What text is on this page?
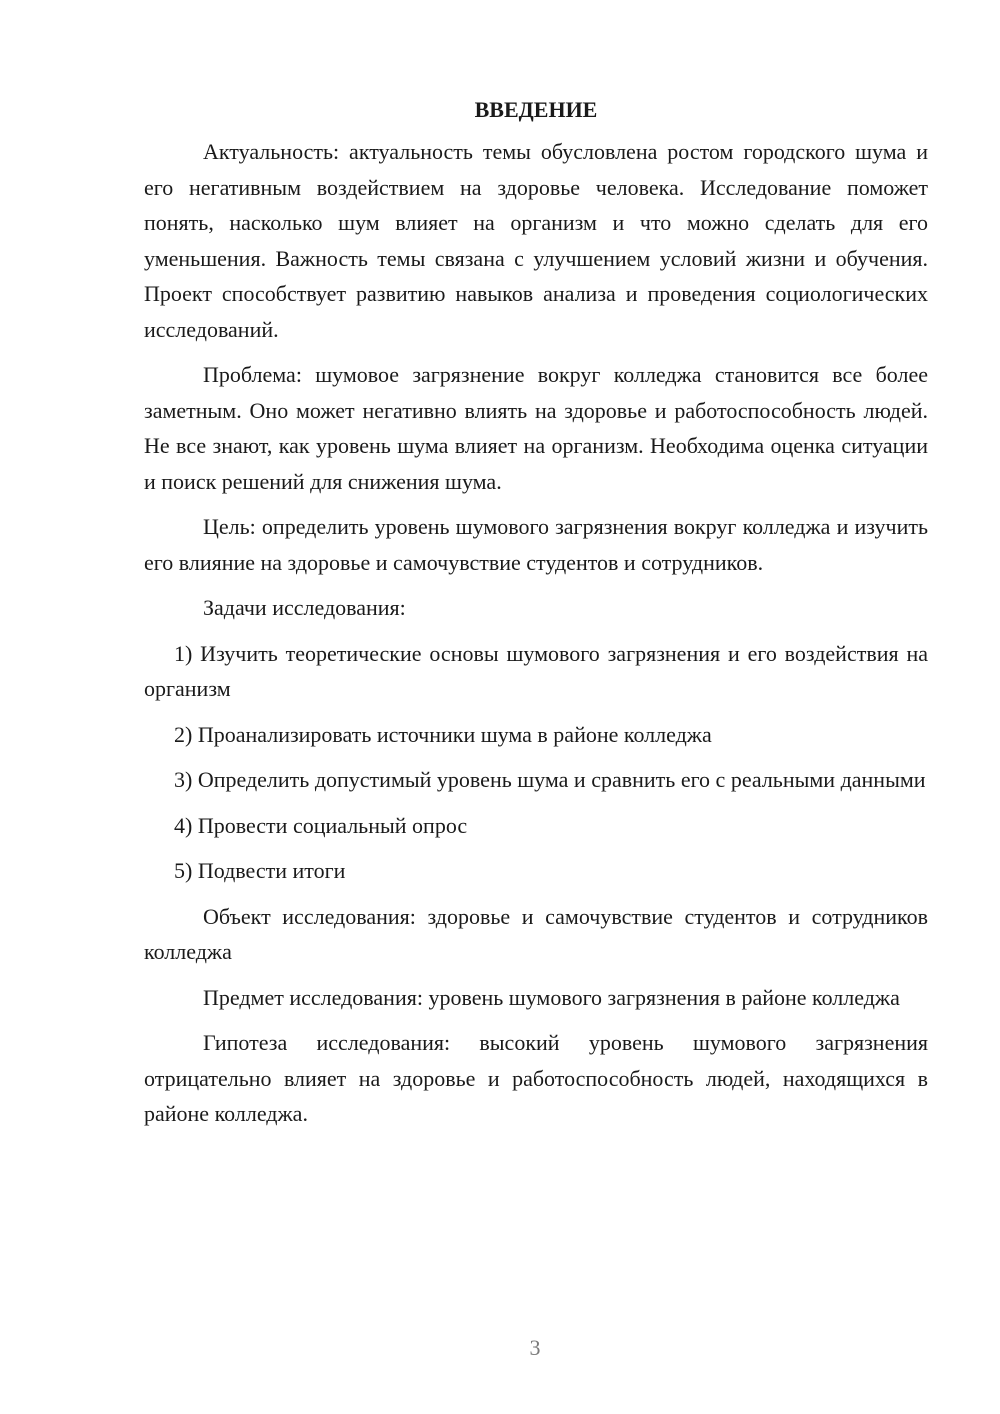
ВВЕДЕНИЕ

Актуальность: актуальность темы обусловлена ростом городского шума и его негативным воздействием на здоровье человека. Исследование поможет понять, насколько шум влияет на организм и что можно сделать для его уменьшения. Важность темы связана с улучшением условий жизни и обучения. Проект способствует развитию навыков анализа и проведения социологических исследований.

Проблема: шумовое загрязнение вокруг колледжа становится все более заметным. Оно может негативно влиять на здоровье и работоспособность людей. Не все знают, как уровень шума влияет на организм. Необходима оценка ситуации и поиск решений для снижения шума.

Цель: определить уровень шумового загрязнения вокруг колледжа и изучить его влияние на здоровье и самочувствие студентов и сотрудников.

Задачи исследования:

1) Изучить теоретические основы шумового загрязнения и его воздействия на организм

2) Проанализировать источники шума в районе колледжа

3) Определить допустимый уровень шума и сравнить его с реальными данными

4) Провести социальный опрос

5) Подвести итоги

Объект исследования: здоровье и самочувствие студентов и сотрудников колледжа

Предмет исследования: уровень шумового загрязнения в районе колледжа

Гипотеза исследования: высокий уровень шумового загрязнения отрицательно влияет на здоровье и работоспособность людей, находящихся в районе колледжа.

3
